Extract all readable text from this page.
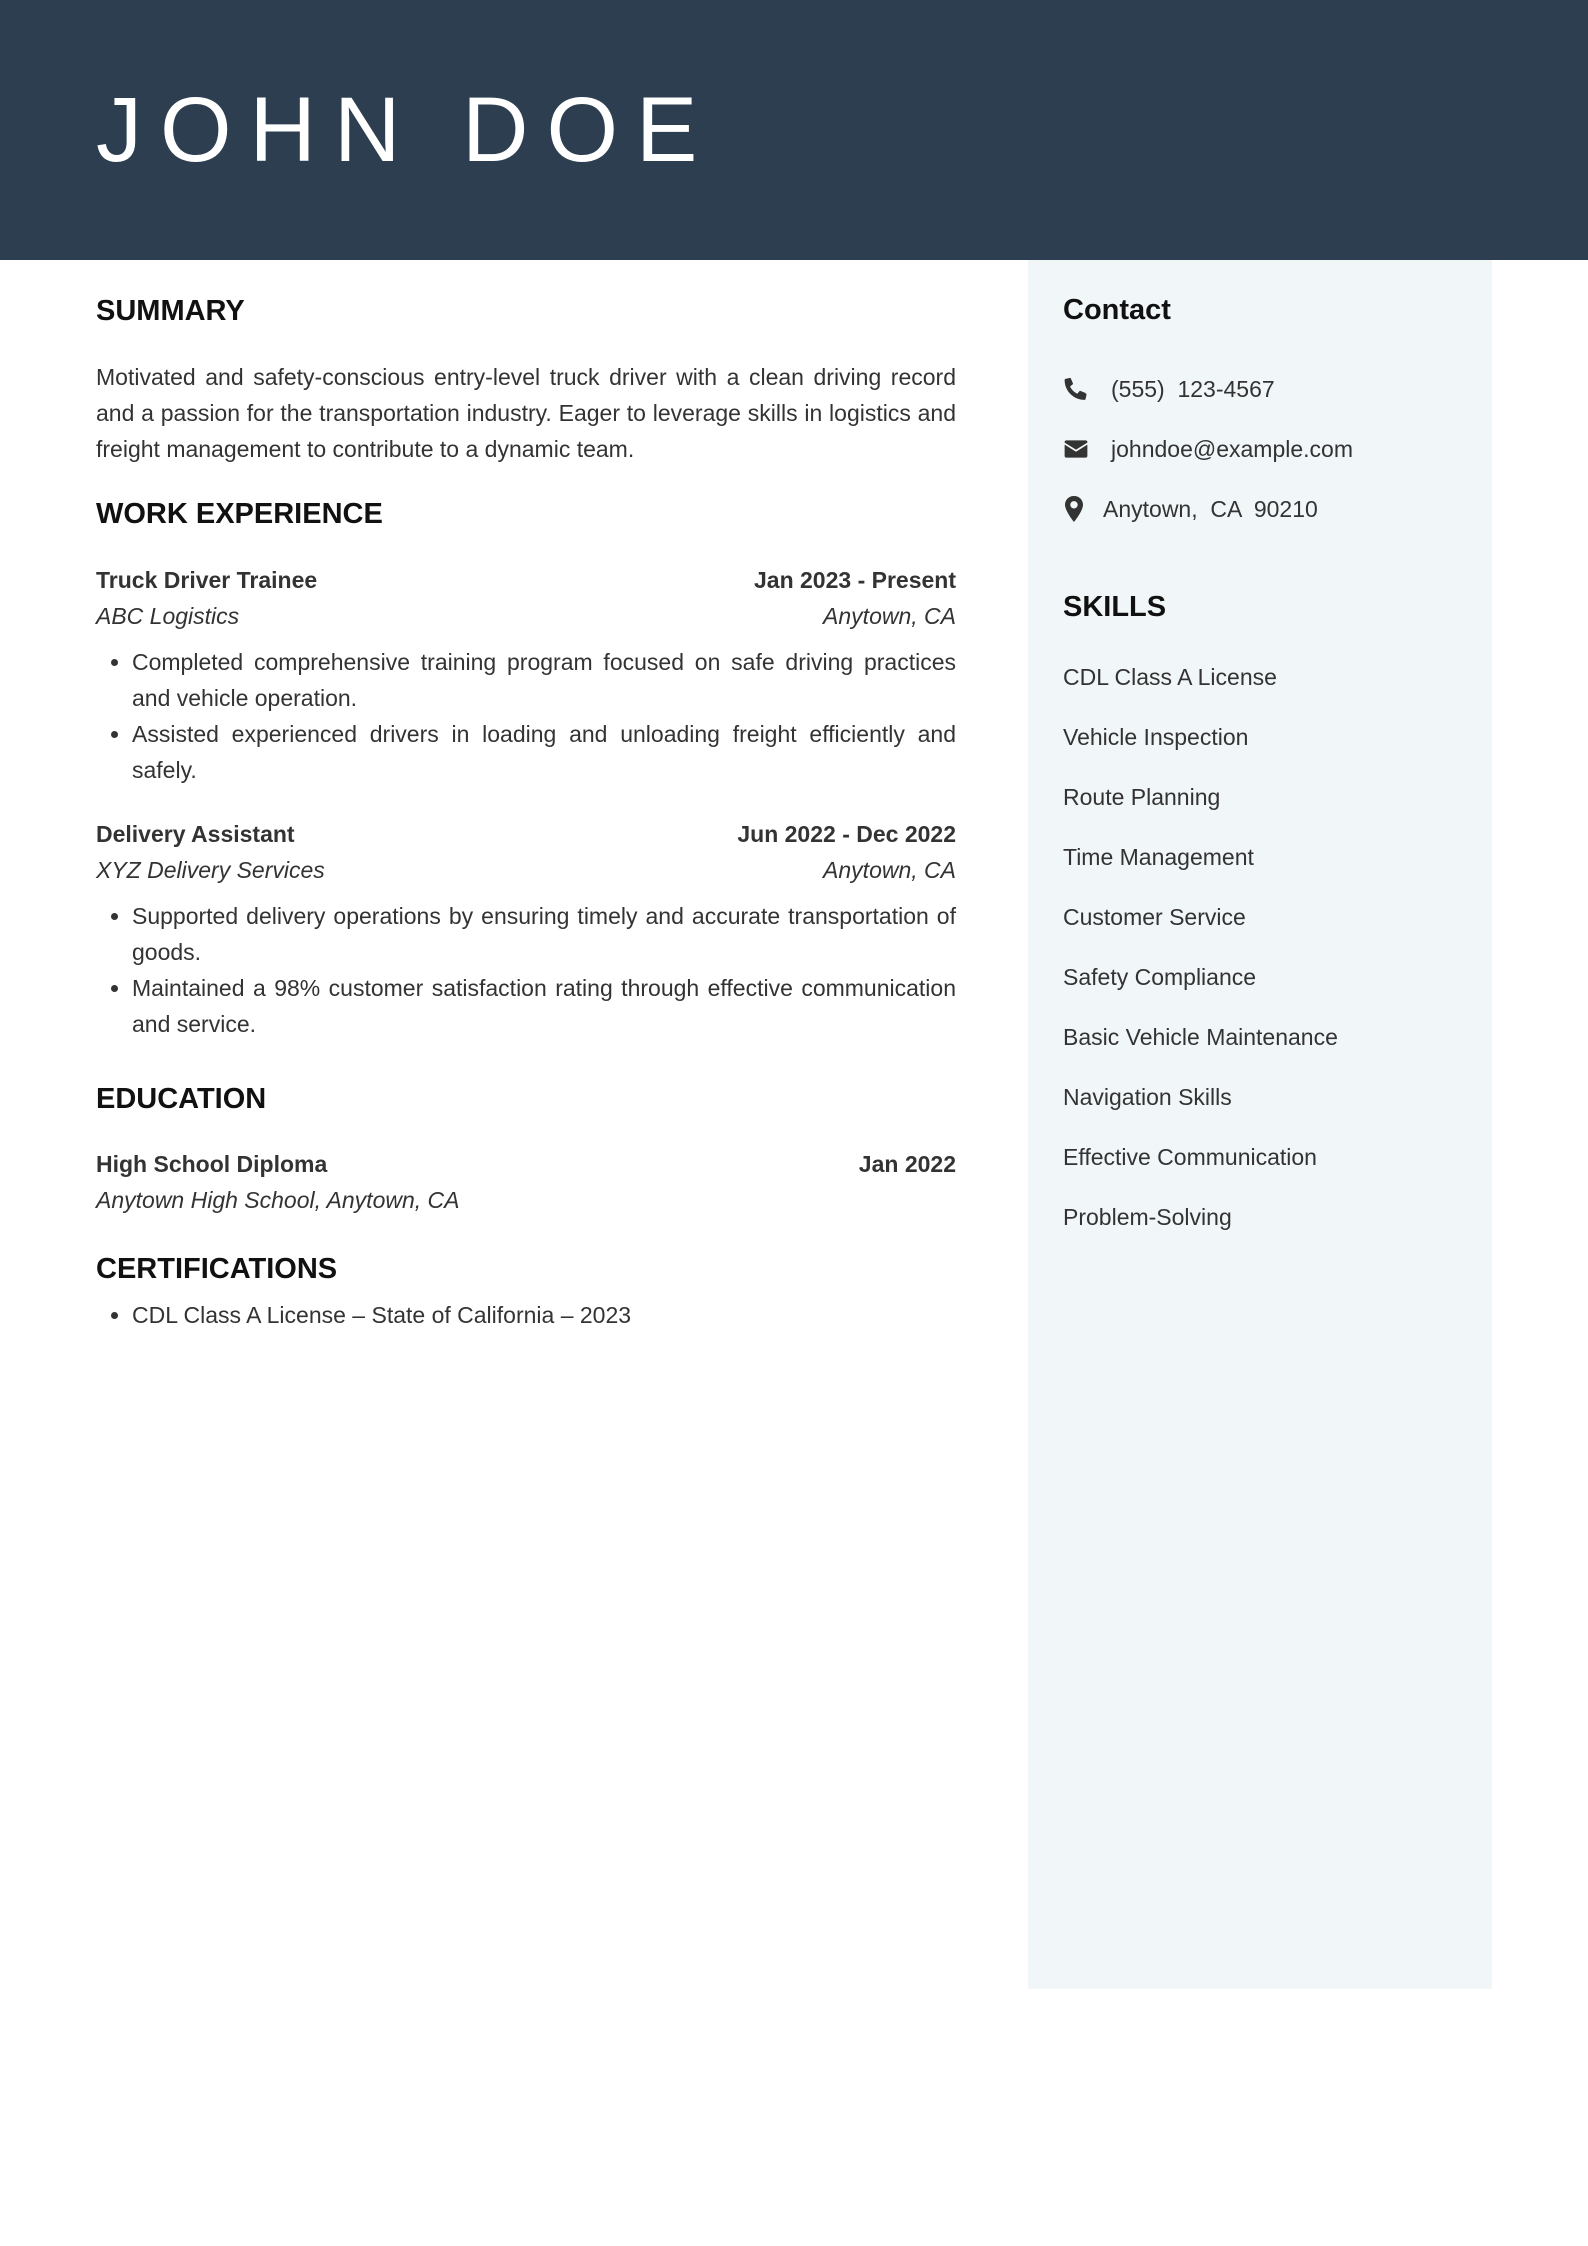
JOHN DOE
SUMMARY

Motivated and safety-conscious entry-level truck driver with a clean driving record and a passion for the transportation industry. Eager to leverage skills in logistics and freight management to contribute to a dynamic team.

WORK EXPERIENCE
Truck Driver Trainee	Jan 2023 - Present
ABC Logistics	Anytown, CA
• Completed comprehensive training program focused on safe driving practices and vehicle operation.
• Assisted experienced drivers in loading and unloading freight efficiently and safely.
Delivery Assistant	Jun 2022 - Dec 2022
XYZ Delivery Services	Anytown, CA
• Supported delivery operations by ensuring timely and accurate transportation of goods.
• Maintained a 98% customer satisfaction rating through effective communication and service.
EDUCATION
High School Diploma	Jan 2022
Anytown High School, Anytown, CA
CERTIFICATIONS
• CDL Class A License – State of California – 2023
Contact
(555)  123-4567
johndoe@example.com
Anytown,  CA  90210
SKILLS
CDL Class A License
Vehicle Inspection
Route Planning
Time Management
Customer Service
Safety Compliance
Basic Vehicle Maintenance
Navigation Skills
Effective Communication
Problem-Solving
